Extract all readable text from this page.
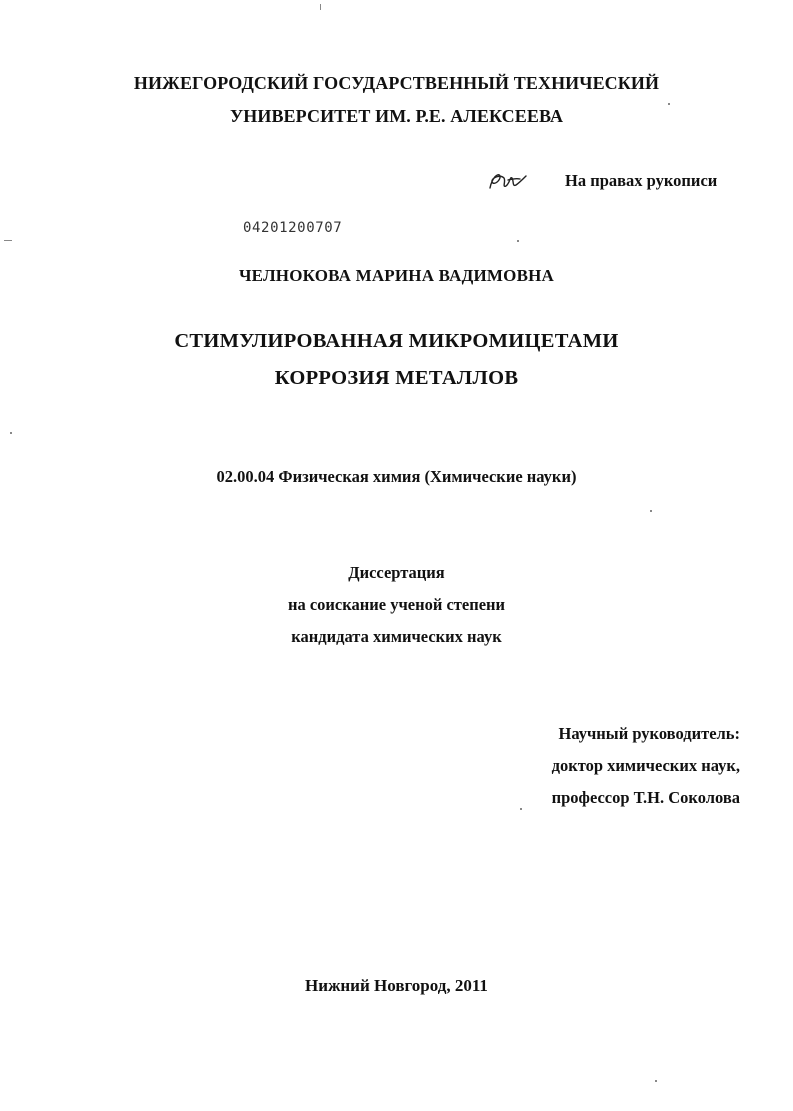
НИЖЕГОРОДСКИЙ ГОСУДАРСТВЕННЫЙ ТЕХНИЧЕСКИЙ
УНИВЕРСИТЕТ ИМ. Р.Е. АЛЕКСЕЕВА
На правах рукописи
04201200707
ЧЕЛНОКОВА МАРИНА ВАДИМОВНА
СТИМУЛИРОВАННАЯ МИКРОМИЦЕТАМИ
КОРРОЗИЯ МЕТАЛЛОВ
02.00.04 Физическая химия (Химические науки)
Диссертация
на соискание ученой степени
кандидата химических наук
Научный руководитель:
доктор химических наук,
профессор Т.Н. Соколова
Нижний Новгород, 2011
